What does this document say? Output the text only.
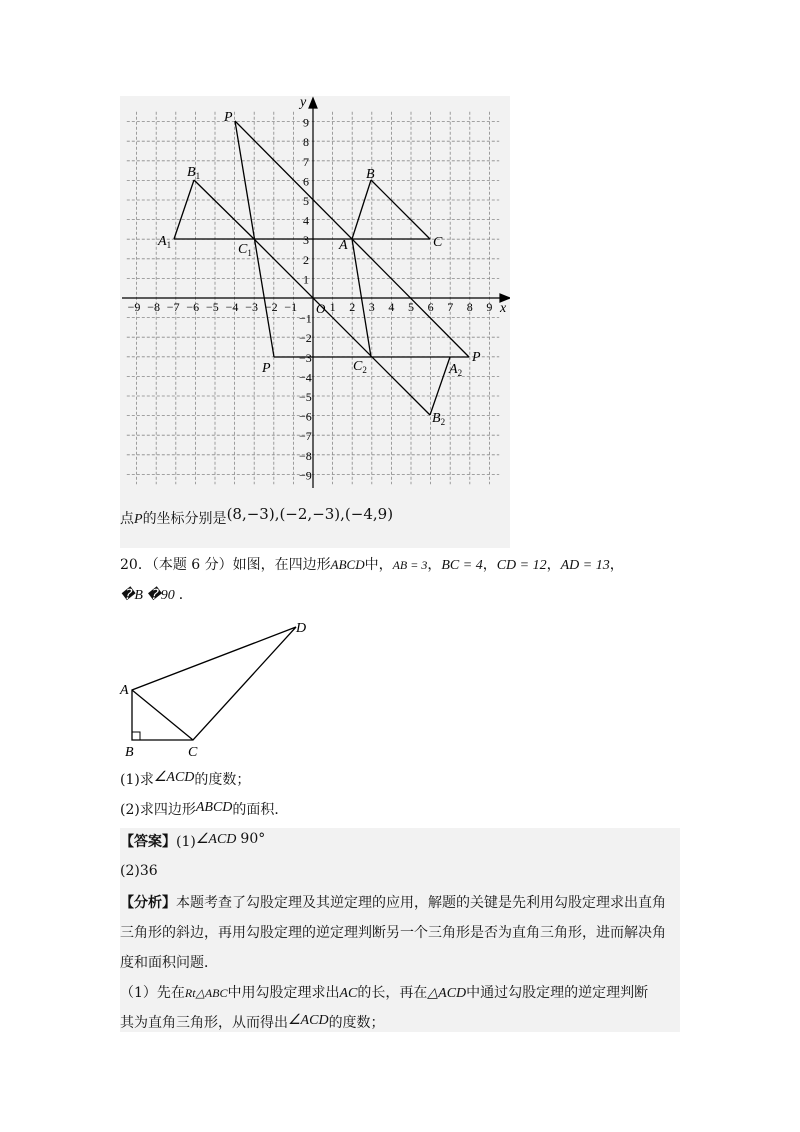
−9 −8 −7 −6 −5 −4 −3 −2 −1	1 2 3 4 5 6 7 8 9
9
8
7
6
5
4
3
2
1
−1
−2
−3
−4
−5
−6
−7
−8
−9
x
y
O
P
P
P
B
C
A
$A_1$
$B_1$
$C_1$
$C_2$	$A_2$
$B_2$
点P的坐标分别是(8,−3),(−2,−3),(−4,9)
20．（本题 6 分）如图，在四边形ABCD中，AB = 3，BC = 4，CD = 12，AD = 13，
�B �90 ．
A
B	C
D
(1)求∠ACD的度数；
(2)求四边形ABCD的面积．
【答案】(1)∠ACD 90°
(2)36
【分析】本题考查了勾股定理及其逆定理的应用，解题的关键是先利用勾股定理求出直角
三角形的斜边，再用勾股定理的逆定理判断另一个三角形是否为直角三角形，进而解决角
度和面积问题．
（1）先在Rt△ABC中用勾股定理求出AC的长，再在△ACD中通过勾股定理的逆定理判断
其为直角三角形，从而得出∠ACD的度数；
